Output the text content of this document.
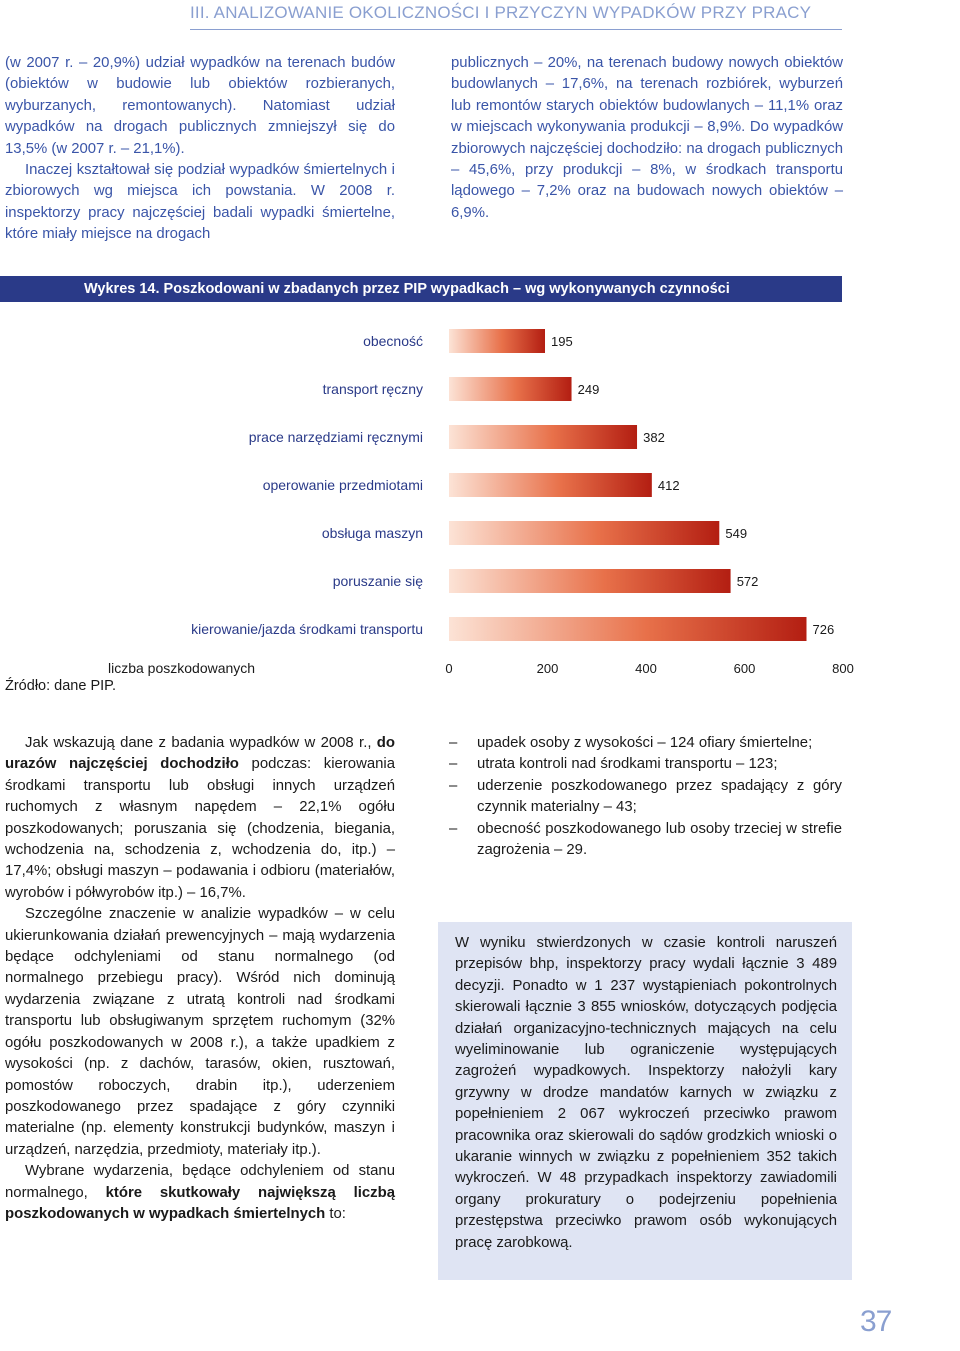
III. ANALIZOWANIE OKOLICZNOŚCI I PRZYCZYN WYPADKÓW PRZY PRACY

(w 2007 r. – 20,9%) udział wypadków na terenach budów (obiektów w budowie lub obiektów rozbieranych, wyburzanych, remontowanych). Natomiast udział wypadków na drogach publicznych zmniejszył się do 13,5% (w 2007 r. – 21,1%).

Inaczej kształtował się podział wypadków śmiertelnych i zbiorowych wg miejsca ich powstania. W 2008 r. inspektorzy pracy najczęściej badali wypadki śmiertelne, które miały miejsce na drogach

publicznych – 20%, na terenach budowy nowych obiektów budowlanych – 17,6%, na terenach rozbiórek, wyburzeń lub remontów starych obiektów budowlanych – 11,1% oraz w miejscach wykonywania produkcji – 8,9%. Do wypadków zbiorowych najczęściej dochodziło: na drogach publicznych – 45,6%, przy produkcji – 8%, w środkach transportu lądowego – 7,2% oraz na budowach nowych obiektów – 6,9%.

Wykres 14. Poszkodowani w zbadanych przez PIP wypadkach – wg wykonywanych czynności
obecność	195
transport ręczny	249
prace narzędziami ręcznymi	382
operowanie przedmiotami	412
obsługa maszyn	549
poruszanie się	572
kierowanie/jazda środkami transportu	726
0	200	400	600	800
liczba poszkodowanych
Źródło: dane PIP.

Jak wskazują dane z badania wypadków w 2008 r., do urazów najczęściej dochodziło podczas: kierowania środkami transportu lub obsługi innych urządzeń ruchomych z własnym napędem – 22,1% ogółu poszkodowanych; poruszania się (chodzenia, biegania, wchodzenia na, schodzenia z, wchodzenia do, itp.) – 17,4%; obsługi maszyn – podawania i odbioru (materiałów, wyrobów i półwyrobów itp.) – 16,7%.

Szczególne znaczenie w analizie wypadków – w celu ukierunkowania działań prewencyjnych – mają wydarzenia będące odchyleniami od stanu normalnego (od normalnego przebiegu pracy). Wśród nich dominują wydarzenia związane z utratą kontroli nad środkami transportu lub obsługiwanym sprzętem ruchomym (32% ogółu poszkodowanych w 2008 r.), a także upadkiem z wysokości (np. z dachów, tarasów, okien, rusztowań, pomostów roboczych, drabin itp.), uderzeniem poszkodowanego przez spadające z góry czynniki materialne (np. elementy konstrukcji budynków, maszyn i urządzeń, narzędzia, przedmioty, materiały itp.).

Wybrane wydarzenia, będące odchyleniem od stanu normalnego, które skutkowały największą liczbą poszkodowanych w wypadkach śmiertelnych to:

– upadek osoby z wysokości – 124 ofiary śmiertelne;
– utrata kontroli nad środkami transportu – 123;
– uderzenie poszkodowanego przez spadający z góry czynnik materialny – 43;
– obecność poszkodowanego lub osoby trzeciej w strefie zagrożenia – 29.
W wyniku stwierdzonych w czasie kontroli naruszeń przepisów bhp, inspektorzy pracy wydali łącznie 3 489 decyzji. Ponadto w 1 237 wystąpieniach pokontrolnych skierowali łącznie 3 855 wniosków, dotyczących podjęcia działań organizacyjno-technicznych mających na celu wyeliminowanie lub ograniczenie występujących zagrożeń wypadkowych. Inspektorzy nałożyli kary grzywny w drodze mandatów karnych w związku z popełnieniem 2 067 wykroczeń przeciwko prawom pracownika oraz skierowali do sądów grodzkich wnioski o ukaranie winnych w związku z popełnieniem 352 takich wykroczeń. W 48 przypadkach inspektorzy zawiadomili organy prokuratury o podejrzeniu popełnienia przestępstwa przeciwko prawom osób wykonujących pracę zarobkową.
37
